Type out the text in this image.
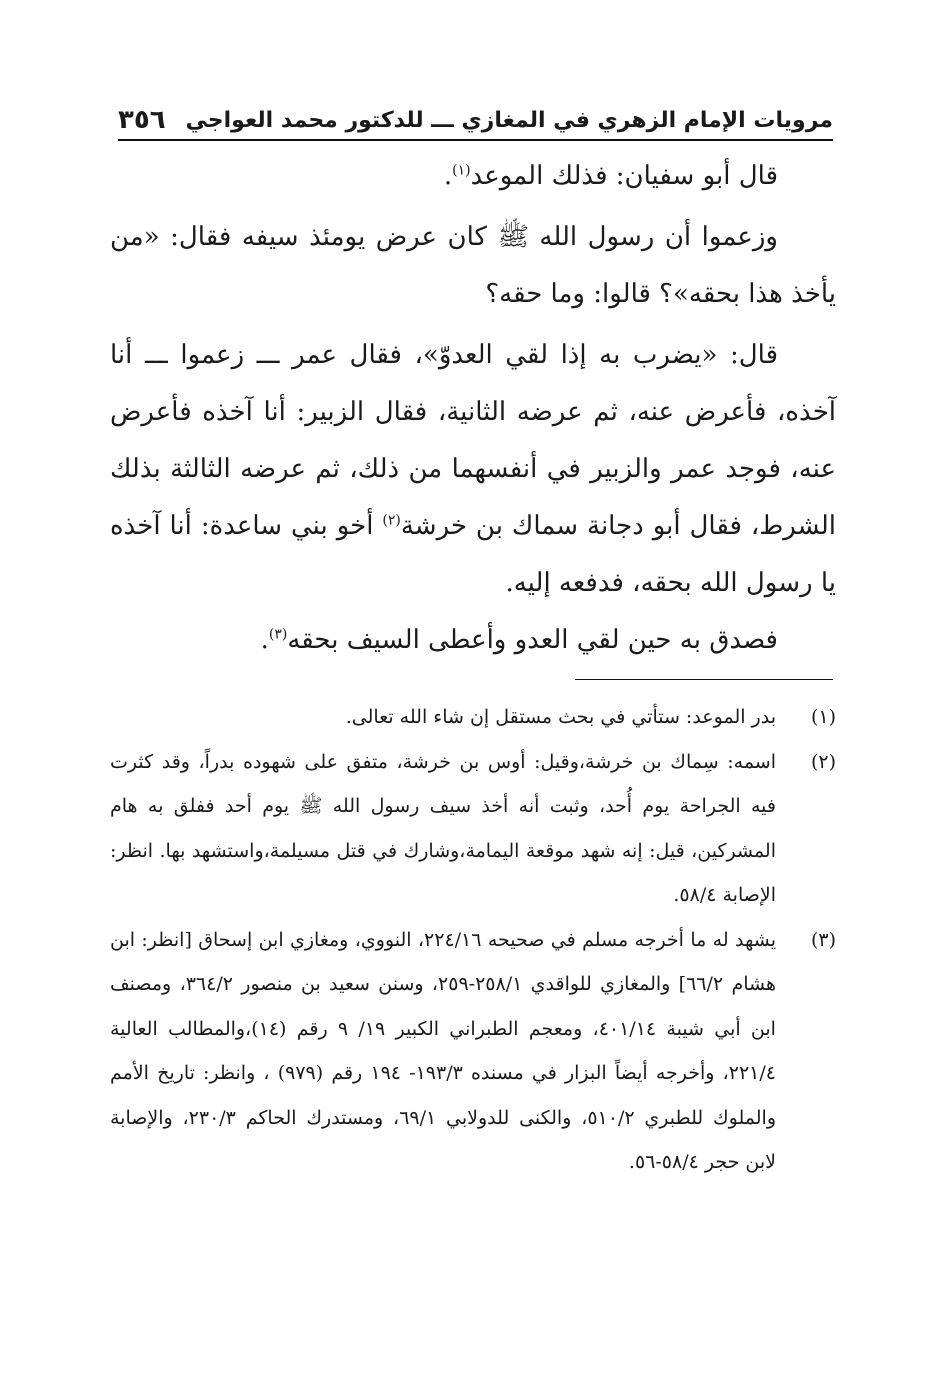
مرويات الإمام الزهري في المغازي ـــ للدكتور محمد العواجي
٣٥٦

قال أبو سفيان: فذلك الموعد$^{(١)}$.

وزعموا أن رسول الله ﷺ كان عرض يومئذ سيفه فقال: «من يأخذ هذا بحقه»؟ قالوا: وما حقه؟

قال: «يضرب به إذا لقي العدوّ»، فقال عمر ـــ زعموا ـــ أنا آخذه، فأعرض عنه، ثم عرضه الثانية، فقال الزبير: أنا آخذه فأعرض عنه، فوجد عمر والزبير في أنفسهما من ذلك، ثم عرضه الثالثة بذلك الشرط، فقال أبو دجانة سماك بن خرشة$^{(٢)}$ أخو بني ساعدة: أنا آخذه يا رسول الله بحقه، فدفعه إليه.

فصدق به حين لقي العدو وأعطى السيف بحقه$^{(٣)}$.

(١)
بدر الموعد: ستأتي في بحث مستقل إن شاء الله تعالى.
(٢)
اسمه: سِماك بن خرشة،وقيل: أوس بن خرشة، متفق على شهوده بدراً، وقد كثرت فيه الجراحة يوم أُحد، وثبت أنه أخذ سيف رسول الله ﷺ يوم أحد ففلق به هام المشركين، قيل: إنه شهد موقعة اليمامة،وشارك في قتل مسيلمة،واستشهد بها. انظر: الإصابة ٥٨/٤.
(٣)
يشهد له ما أخرجه مسلم في صحيحه ٢٢٤/١٦، النووي، ومغازي ابن إسحاق [انظر: ابن هشام ٦٦/٢] والمغازي للواقدي ٢٥٨/١-٢٥٩، وسنن سعيد بن منصور ٣٦٤/٢، ومصنف ابن أبي شيبة ٤٠١/١٤، ومعجم الطبراني الكبير ١٩/ ٩ رقم (١٤)،والمطالب العالية ٢٢١/٤، وأخرجه أيضاً البزار في مسنده ١٩٣/٣- ١٩٤ رقم (٩٧٩) ، وانظر: تاريخ الأمم والملوك للطبري ٥١٠/٢، والكنى للدولابي ٦٩/١، ومستدرك الحاكم ٢٣٠/٣، والإصابة لابن حجر ٥٨/٤-٥٦.
